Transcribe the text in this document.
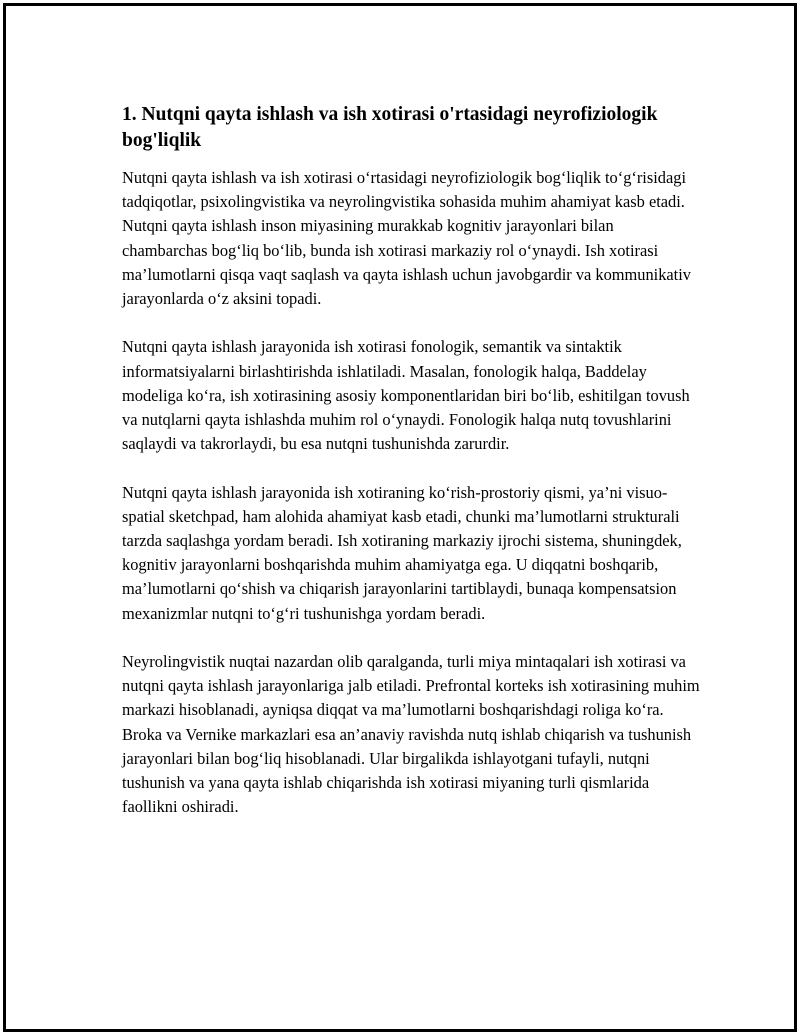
1. Nutqni qayta ishlash va ish xotirasi o'rtasidagi neyrofiziologik bog'liqlik

Nutqni qayta ishlash va ish xotirasi o‘rtasidagi neyrofiziologik bog‘liqlik to‘g‘risidagi tadqiqotlar, psixolingvistika va neyrolingvistika sohasida muhim ahamiyat kasb etadi. Nutqni qayta ishlash inson miyasining murakkab kognitiv jarayonlari bilan chambarchas bog‘liq bo‘lib, bunda ish xotirasi markaziy rol o‘ynaydi. Ish xotirasi ma’lumotlarni qisqa vaqt saqlash va qayta ishlash uchun javobgardir va kommunikativ jarayonlarda o‘z aksini topadi.

Nutqni qayta ishlash jarayonida ish xotirasi fonologik, semantik va sintaktik informatsiyalarni birlashtirishda ishlatiladi. Masalan, fonologik halqa, Baddelay modeliga ko‘ra, ish xotirasining asosiy komponentlaridan biri bo‘lib, eshitilgan tovush va nutqlarni qayta ishlashda muhim rol o‘ynaydi. Fonologik halqa nutq tovushlarini saqlaydi va takrorlaydi, bu esa nutqni tushunishda zarurdir.

Nutqni qayta ishlash jarayonida ish xotiraning ko‘rish-prostoriy qismi, ya’ni visuo-spatial sketchpad, ham alohida ahamiyat kasb etadi, chunki ma’lumotlarni strukturali tarzda saqlashga yordam beradi. Ish xotiraning markaziy ijrochi sistema, shuningdek, kognitiv jarayonlarni boshqarishda muhim ahamiyatga ega. U diqqatni boshqarib, ma’lumotlarni qo‘shish va chiqarish jarayonlarini tartiblaydi, bunaqa kompensatsion mexanizmlar nutqni to‘g‘ri tushunishga yordam beradi.

Neyrolingvistik nuqtai nazardan olib qaralganda, turli miya mintaqalari ish xotirasi va nutqni qayta ishlash jarayonlariga jalb etiladi. Prefrontal korteks ish xotirasining muhim markazi hisoblanadi, ayniqsa diqqat va ma’lumotlarni boshqarishdagi roliga ko‘ra. Broka va Vernike markazlari esa an’anaviy ravishda nutq ishlab chiqarish va tushunish jarayonlari bilan bog‘liq hisoblanadi. Ular birgalikda ishlayotgani tufayli, nutqni tushunish va yana qayta ishlab chiqarishda ish xotirasi miyaning turli qismlarida faollikni oshiradi.
